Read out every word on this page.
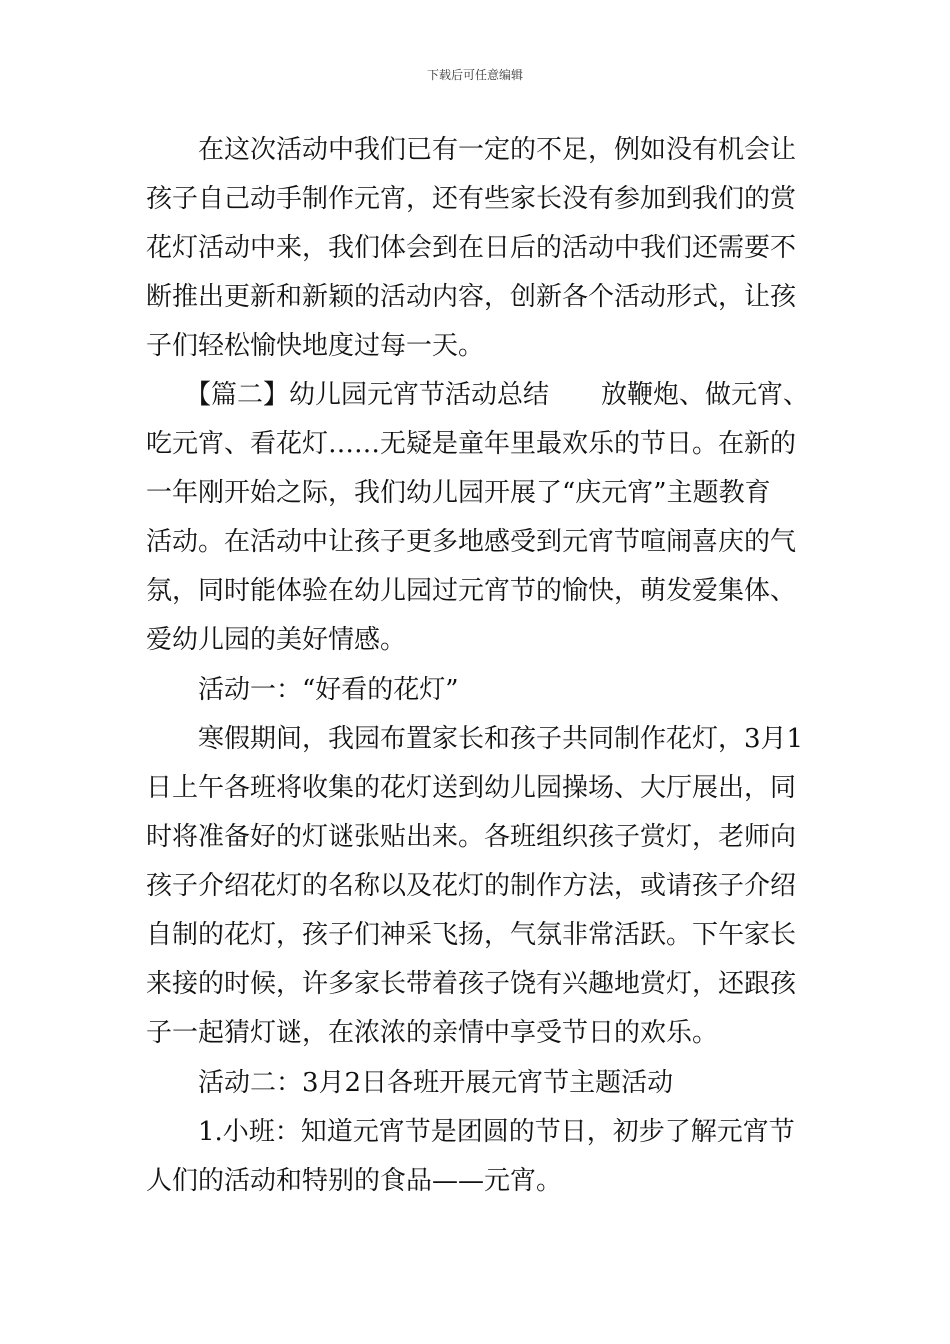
下载后可任意编辑
　　在这次活动中我们已有一定的不足，例如没有机会让
孩子自己动手制作元宵，还有些家长没有参加到我们的赏
花灯活动中来，我们体会到在日后的活动中我们还需要不
断推出更新和新颖的活动内容，创新各个活动形式，让孩
子们轻松愉快地度过每一天。
　　【篇二】幼儿园元宵节活动总结　　放鞭炮、做元宵、
吃元宵、看花灯……无疑是童年里最欢乐的节日。在新的
一年刚开始之际，我们幼儿园开展了“庆元宵”主题教育
活动。在活动中让孩子更多地感受到元宵节喧闹喜庆的气
氛，同时能体验在幼儿园过元宵节的愉快，萌发爱集体、
爱幼儿园的美好情感。
　　活动一：“好看的花灯”
　　寒假期间，我园布置家长和孩子共同制作花灯，3月1
日上午各班将收集的花灯送到幼儿园操场、大厅展出，同
时将准备好的灯谜张贴出来。各班组织孩子赏灯，老师向
孩子介绍花灯的名称以及花灯的制作方法，或请孩子介绍
自制的花灯，孩子们神采飞扬，气氛非常活跃。下午家长
来接的时候，许多家长带着孩子饶有兴趣地赏灯，还跟孩
子一起猜灯谜，在浓浓的亲情中享受节日的欢乐。
　　活动二：3月2日各班开展元宵节主题活动
　　1.小班：知道元宵节是团圆的节日，初步了解元宵节
人们的活动和特别的食品——元宵。
